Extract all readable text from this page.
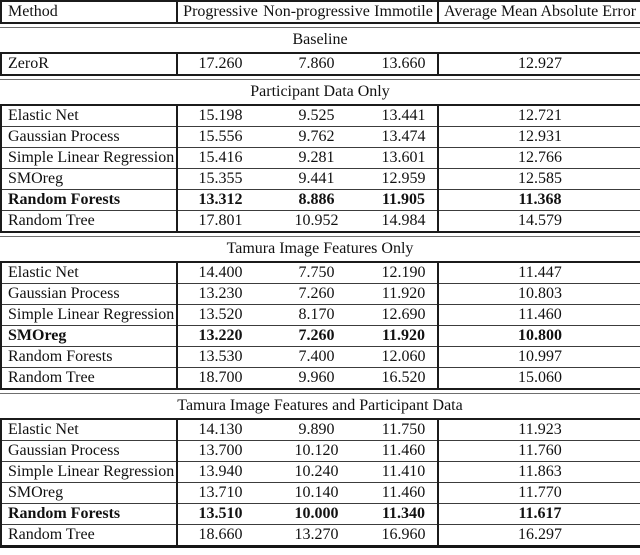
Method	Progressive	Non-progressive	Immotile	Average Mean Absolute Error
Baseline
ZeroR	17.260	7.860	13.660	12.927
Participant Data Only
Elastic Net	15.198	9.525	13.441	12.721
Gaussian Process	15.556	9.762	13.474	12.931
Simple Linear Regression	15.416	9.281	13.601	12.766
SMOreg	15.355	9.441	12.959	12.585
Random Forests	13.312	8.886	11.905	11.368
Random Tree	17.801	10.952	14.984	14.579
Tamura Image Features Only
Elastic Net	14.400	7.750	12.190	11.447
Gaussian Process	13.230	7.260	11.920	10.803
Simple Linear Regression	13.520	8.170	12.690	11.460
SMOreg	13.220	7.260	11.920	10.800
Random Forests	13.530	7.400	12.060	10.997
Random Tree	18.700	9.960	16.520	15.060
Tamura Image Features and Participant Data
Elastic Net	14.130	9.890	11.750	11.923
Gaussian Process	13.700	10.120	11.460	11.760
Simple Linear Regression	13.940	10.240	11.410	11.863
SMOreg	13.710	10.140	11.460	11.770
Random Forests	13.510	10.000	11.340	11.617
Random Tree	18.660	13.270	16.960	16.297
